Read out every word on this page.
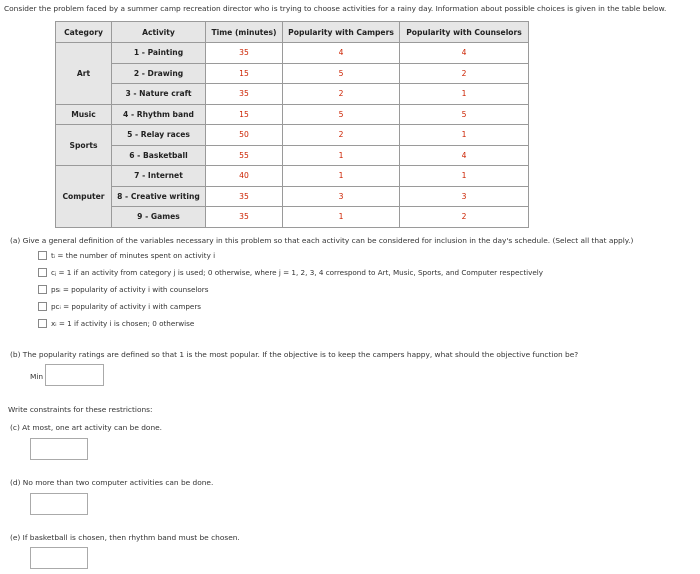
Consider the problem faced by a summer camp recreation director who is trying to choose activities for a rainy day. Information about possible choices is given in the table below.
Category	Activity	Time (minutes)	Popularity with Campers	Popularity with Counselors
Art	1 - Painting	35	4	4
	2 - Drawing	15	5	2
	3 - Nature craft	35	2	1
Music	4 - Rhythm band	15	5	5
Sports	5 - Relay races	50	2	1
	6 - Basketball	55	1	4
Computer	7 - Internet	40	1	1
	8 - Creative writing	35	3	3
	9 - Games	35	1	2
(a) Give a general definition of the variables necessary in this problem so that each activity can be considered for inclusion in the day's schedule. (Select all that apply.)
tᵢ = the number of minutes spent on activity i
cⱼ = 1 if an activity from category j is used; 0 otherwise, where j = 1, 2, 3, 4 correspond to Art, Music, Sports, and Computer respectively
psᵢ = popularity of activity i with counselors
pcᵢ = popularity of activity i with campers
xᵢ = 1 if activity i is chosen; 0 otherwise
(b) The popularity ratings are defined so that 1 is the most popular. If the objective is to keep the campers happy, what should the objective function be?
Min
Write constraints for these restrictions:
(c) At most, one art activity can be done.
(d) No more than two computer activities can be done.
(e) If basketball is chosen, then rhythm band must be chosen.
